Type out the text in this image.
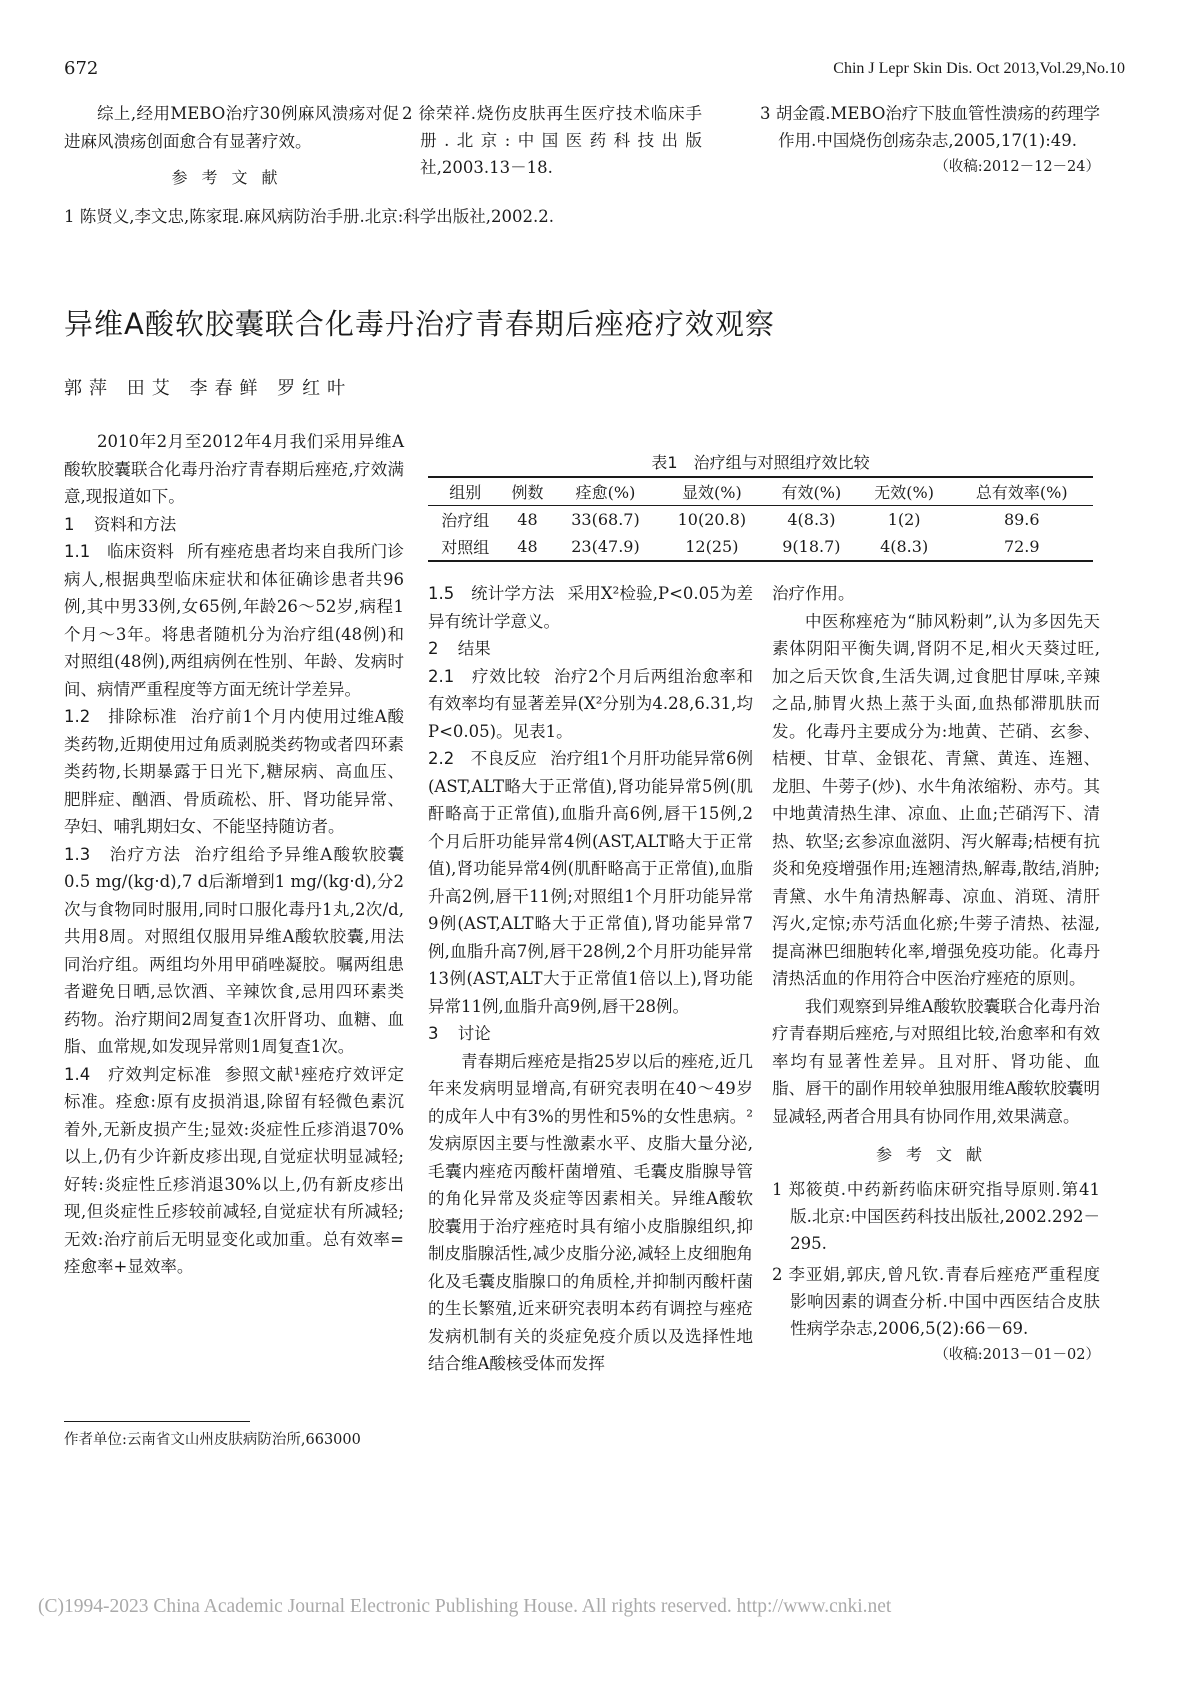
672	Chin J Lepr Skin Dis. Oct 2013,Vol.29,No.10

综上,经用MEBO治疗30例麻风溃疡对促进麻风溃疡创面愈合有显著疗效。

参考文献

1 陈贤义,李文忠,陈家琨.麻风病防治手册.北京:科学出版社,2002.2.

2 徐荣祥.烧伤皮肤再生医疗技术临床手册.北京:中国医药科技出版社,2003.13－18.

3 胡金霞.MEBO治疗下肢血管性溃疡的药理学作用.中国烧伤创疡杂志,2005,17(1):49.

（收稿:2012－12－24）

异维A酸软胶囊联合化毒丹治疗青春期后痤疮疗效观察
郭萍 田艾 李春鲜 罗红叶

2010年2月至2012年4月我们采用异维A酸软胶囊联合化毒丹治疗青春期后痤疮,疗效满意,现报道如下。

1 资料和方法

1.1　临床资料 所有痤疮患者均来自我所门诊病人,根据典型临床症状和体征确诊患者共96例,其中男33例,女65例,年龄26～52岁,病程1个月～3年。将患者随机分为治疗组(48例)和对照组(48例),两组病例在性别、年龄、发病时间、病情严重程度等方面无统计学差异。

1.2　排除标准 治疗前1个月内使用过维A酸类药物,近期使用过角质剥脱类药物或者四环素类药物,长期暴露于日光下,糖尿病、高血压、肥胖症、酗酒、骨质疏松、肝、肾功能异常、孕妇、哺乳期妇女、不能坚持随访者。

1.3　治疗方法 治疗组给予异维A酸软胶囊0.5 mg/(kg·d),7 d后渐增到1 mg/(kg·d),分2次与食物同时服用,同时口服化毒丹1丸,2次/d,共用8周。对照组仅服用异维A酸软胶囊,用法同治疗组。两组均外用甲硝唑凝胶。嘱两组患者避免日晒,忌饮酒、辛辣饮食,忌用四环素类药物。治疗期间2周复查1次肝肾功、血糖、血脂、血常规,如发现异常则1周复查1次。

1.4　疗效判定标准 参照文献¹痤疮疗效评定标准。痊愈:原有皮损消退,除留有轻微色素沉着外,无新皮损产生;显效:炎症性丘疹消退70%以上,仍有少许新皮疹出现,自觉症状明显减轻;好转:炎症性丘疹消退30%以上,仍有新皮疹出现,但炎症性丘疹较前减轻,自觉症状有所减轻;无效:治疗前后无明显变化或加重。总有效率=痊愈率+显效率。

作者单位:云南省文山州皮肤病防治所,663000
表1　治疗组与对照组疗效比较
组别	例数	痊愈(%)	显效(%)	有效(%)	无效(%)	总有效率(%)
治疗组	48	33(68.7)	10(20.8)	4(8.3)	1(2)	89.6
对照组	48	23(47.9)	12(25)	9(18.7)	4(8.3)	72.9

1.5　统计学方法 采用X²检验,P<0.05为差异有统计学意义。

2 结果

2.1　疗效比较 治疗2个月后两组治愈率和有效率均有显著差异(X²分别为4.28,6.31,均P<0.05)。见表1。

2.2　不良反应 治疗组1个月肝功能异常6例(AST,ALT略大于正常值),肾功能异常5例(肌酐略高于正常值),血脂升高6例,唇干15例,2个月后肝功能异常4例(AST,ALT略大于正常值),肾功能异常4例(肌酐略高于正常值),血脂升高2例,唇干11例;对照组1个月肝功能异常9例(AST,ALT略大于正常值),肾功能异常7例,血脂升高7例,唇干28例,2个月肝功能异常13例(AST,ALT大于正常值1倍以上),肾功能异常11例,血脂升高9例,唇干28例。

3 讨论

青春期后痤疮是指25岁以后的痤疮,近几年来发病明显增高,有研究表明在40～49岁的成年人中有3%的男性和5%的女性患病。² 发病原因主要与性激素水平、皮脂大量分泌,毛囊内痤疮丙酸杆菌增殖、毛囊皮脂腺导管的角化异常及炎症等因素相关。异维A酸软胶囊用于治疗痤疮时具有缩小皮脂腺组织,抑制皮脂腺活性,减少皮脂分泌,减轻上皮细胞角化及毛囊皮脂腺口的角质栓,并抑制丙酸杆菌的生长繁殖,近来研究表明本药有调控与痤疮发病机制有关的炎症免疫介质以及选择性地结合维A酸核受体而发挥

治疗作用。

中医称痤疮为“肺风粉刺”,认为多因先天素体阴阳平衡失调,肾阴不足,相火天葵过旺,加之后天饮食,生活失调,过食肥甘厚味,辛辣之品,肺胃火热上蒸于头面,血热郁滞肌肤而发。化毒丹主要成分为:地黄、芒硝、玄参、桔梗、甘草、金银花、青黛、黄连、连翘、龙胆、牛蒡子(炒)、水牛角浓缩粉、赤芍。其中地黄清热生津、凉血、止血;芒硝泻下、清热、软坚;玄参凉血滋阴、泻火解毒;桔梗有抗炎和免疫增强作用;连翘清热,解毒,散结,消肿;青黛、水牛角清热解毒、凉血、消斑、清肝泻火,定惊;赤芍活血化瘀;牛蒡子清热、祛湿,提高淋巴细胞转化率,增强免疫功能。化毒丹清热活血的作用符合中医治疗痤疮的原则。

我们观察到异维A酸软胶囊联合化毒丹治疗青春期后痤疮,与对照组比较,治愈率和有效率均有显著性差异。且对肝、肾功能、血脂、唇干的副作用较单独服用维A酸软胶囊明显减轻,两者合用具有协同作用,效果满意。

参考文献

1 郑筱萸.中药新药临床研究指导原则.第41版.北京:中国医药科技出版社,2002.292－295.

2 李亚娟,郭庆,曾凡钦.青春后痤疮严重程度影响因素的调查分析.中国中西医结合皮肤性病学杂志,2006,5(2):66－69.

（收稿:2013－01－02）

(C)1994-2023 China Academic Journal Electronic Publishing House. All rights reserved. http://www.cnki.net
